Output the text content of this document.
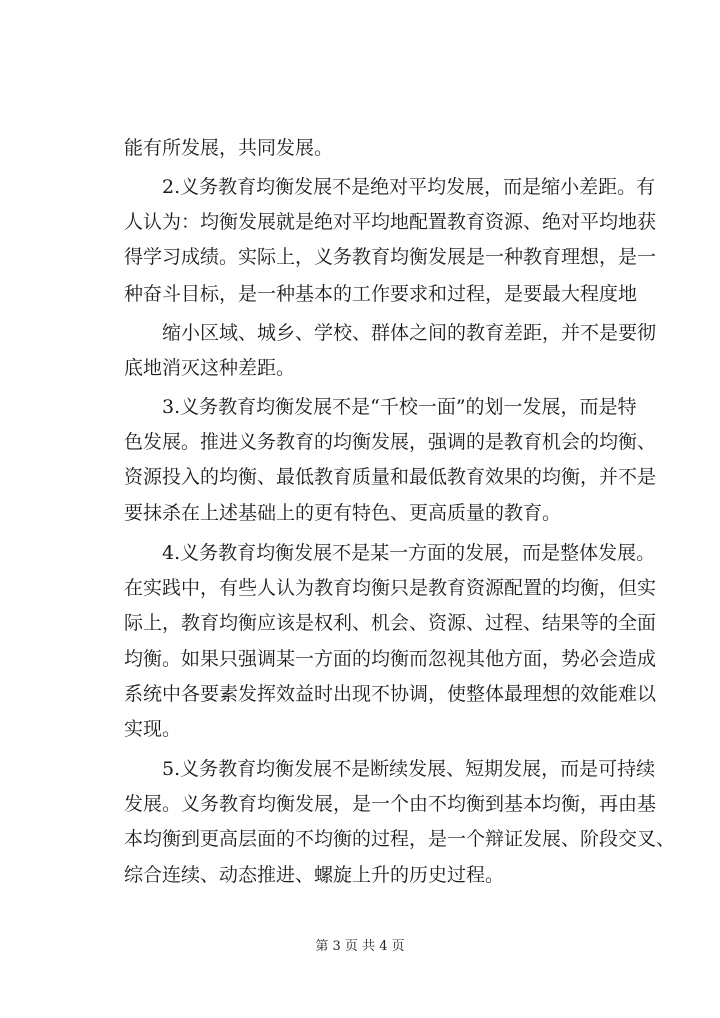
能有所发展，共同发展。
2.义务教育均衡发展不是绝对平均发展，而是缩小差距。有
人认为：均衡发展就是绝对平均地配置教育资源、绝对平均地获
得学习成绩。实际上，义务教育均衡发展是一种教育理想，是一
种奋斗目标，是一种基本的工作要求和过程，是要最大程度地
缩小区域、城乡、学校、群体之间的教育差距，并不是要彻
底地消灭这种差距。
3.义务教育均衡发展不是“千校一面”的划一发展，而是特
色发展。推进义务教育的均衡发展，强调的是教育机会的均衡、
资源投入的均衡、最低教育质量和最低教育效果的均衡，并不是
要抹杀在上述基础上的更有特色、更高质量的教育。
4.义务教育均衡发展不是某一方面的发展，而是整体发展。
在实践中，有些人认为教育均衡只是教育资源配置的均衡，但实
际上，教育均衡应该是权利、机会、资源、过程、结果等的全面
均衡。如果只强调某一方面的均衡而忽视其他方面，势必会造成
系统中各要素发挥效益时出现不协调，使整体最理想的效能难以
实现。
5.义务教育均衡发展不是断续发展、短期发展，而是可持续
发展。义务教育均衡发展，是一个由不均衡到基本均衡，再由基
本均衡到更高层面的不均衡的过程，是一个辩证发展、阶段交叉、
综合连续、动态推进、螺旋上升的历史过程。
第 3 页 共 4 页
